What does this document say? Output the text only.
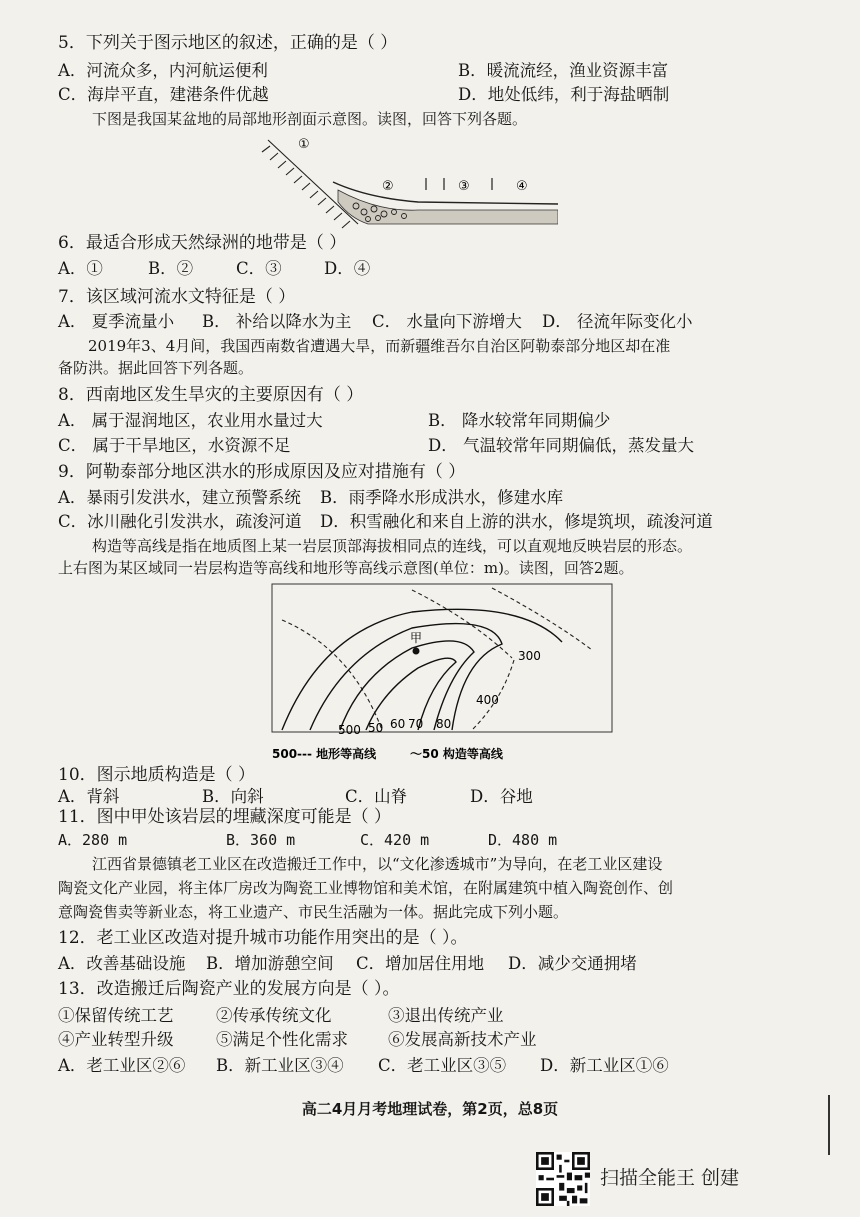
5．下列关于图示地区的叙述，正确的是（ ）
A．河流众多，内河航运便利	B．暖流流经，渔业资源丰富
C．海岸平直，建港条件优越	D．地处低纬，利于海盐晒制
下图是我国某盆地的局部地形剖面示意图。读图，回答下列各题。
①
②	③	④
6．最适合形成天然绿洲的地带是（ ）
A．①	B．②	C．③	D．④
7．该区域河流水文特征是（ ）
A． 夏季流量小 B． 补给以降水为主 C． 水量向下游增大 D． 径流年际变化小
2019年3、4月间，我国西南数省遭遇大旱，而新疆维吾尔自治区阿勒泰部分地区却在准
备防洪。据此回答下列各题。
8．西南地区发生旱灾的主要原因有（ ）
A． 属于湿润地区，农业用水量过大	B． 降水较常年同期偏少
C． 属于干旱地区，水资源不足	D． 气温较常年同期偏低，蒸发量大
9．阿勒泰部分地区洪水的形成原因及应对措施有（ ）
A．暴雨引发洪水，建立预警系统 B．雨季降水形成洪水，修建水库
C．冰川融化引发洪水，疏浚河道 D．积雪融化和来自上游的洪水，修堤筑坝，疏浚河道
构造等高线是指在地质图上某一岩层顶部海拔相同点的连线，可以直观地反映岩层的形态。
上右图为某区域同一岩层构造等高线和地形等高线示意图(单位：m)。读图，回答2题。
甲
300
400
500 50 60 70 80
500--- 地形等高线	～50 构造等高线
10．图示地质构造是（ ）
A．背斜	B．向斜	C．山脊	D．谷地
11．图中甲处该岩层的埋藏深度可能是（ ）
A．280 m	B．360 m	C．420 m	D．480 m
江西省景德镇老工业区在改造搬迁工作中，以“文化渗透城市”为导向，在老工业区建设
陶瓷文化产业园，将主体厂房改为陶瓷工业博物馆和美术馆，在附属建筑中植入陶瓷创作、创
意陶瓷售卖等新业态，将工业遗产、市民生活融为一体。据此完成下列小题。
12．老工业区改造对提升城市功能作用突出的是（ ）。
A．改善基础设施 B．增加游憩空间 C．增加居住用地 D．减少交通拥堵
13．改造搬迁后陶瓷产业的发展方向是（ ）。
①保留传统工艺	②传承传统文化	③退出传统产业
④产业转型升级	⑤满足个性化需求 ⑥发展高新技术产业
A．老工业区②⑥ B．新工业区③④ C．老工业区③⑤ D．新工业区①⑥
高二4月月考地理试卷，第2页，总8页
扫描全能王 创建
